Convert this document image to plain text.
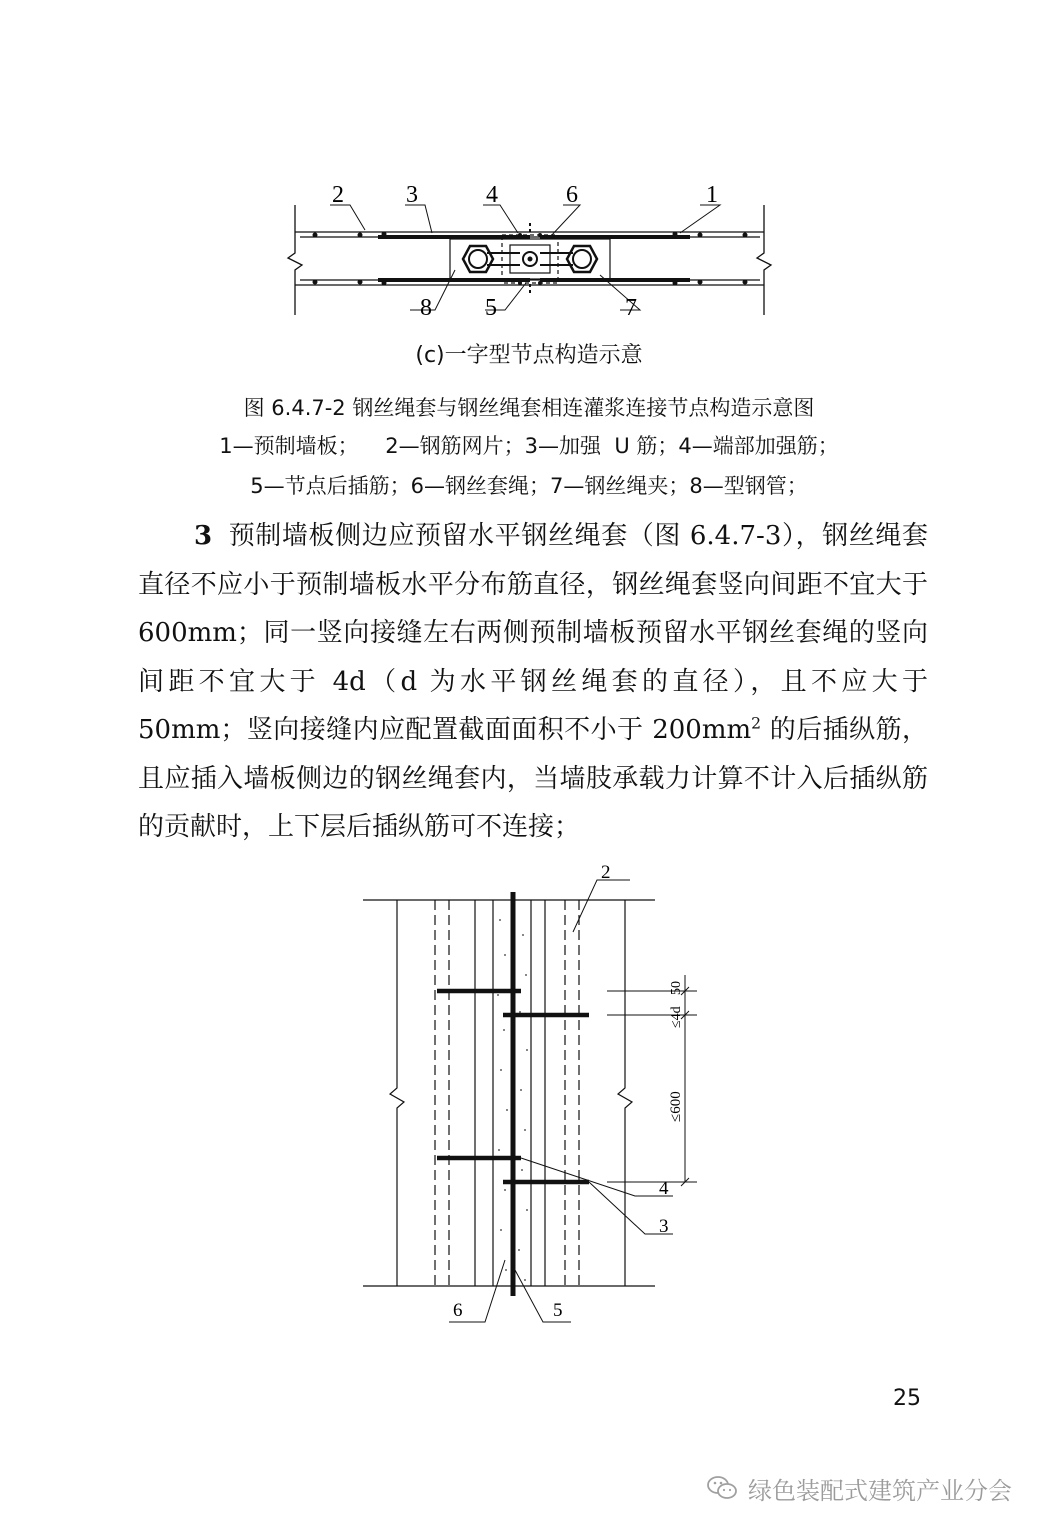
2	3	4	6	1
8 5	7
(c)一字型节点构造示意
图 6.4.7-2 钢丝绳套与钢丝绳套相连灌浆连接节点构造示意图
1—预制墙板；    2—钢筋网片；3—加强  U 筋；4—端部加强筋；
5—节点后插筋；6—钢丝套绳；7—钢丝绳夹；8—型钢管；

3 预制墙板侧边应预留水平钢丝绳套（图 6.4.7-3），钢丝绳套直径不应小于预制墙板水平分布筋直径，钢丝绳套竖向间距不宜大于 600mm；同一竖向接缝左右两侧预制墙板预留水平钢丝套绳的竖向间距不宜大于 4d（d 为水平钢丝绳套的直径），且不应大于 50mm；竖向接缝内应配置截面面积不小于 $200mm^2$ 的后插纵筋，且应插入墙板侧边的钢丝绳套内，当墙肢承载力计算不计入后插纵筋的贡献时，上下层后插纵筋可不连接；

2
4
3
6	5
≤4d
50
≤600
25
绿色装配式建筑产业分会
